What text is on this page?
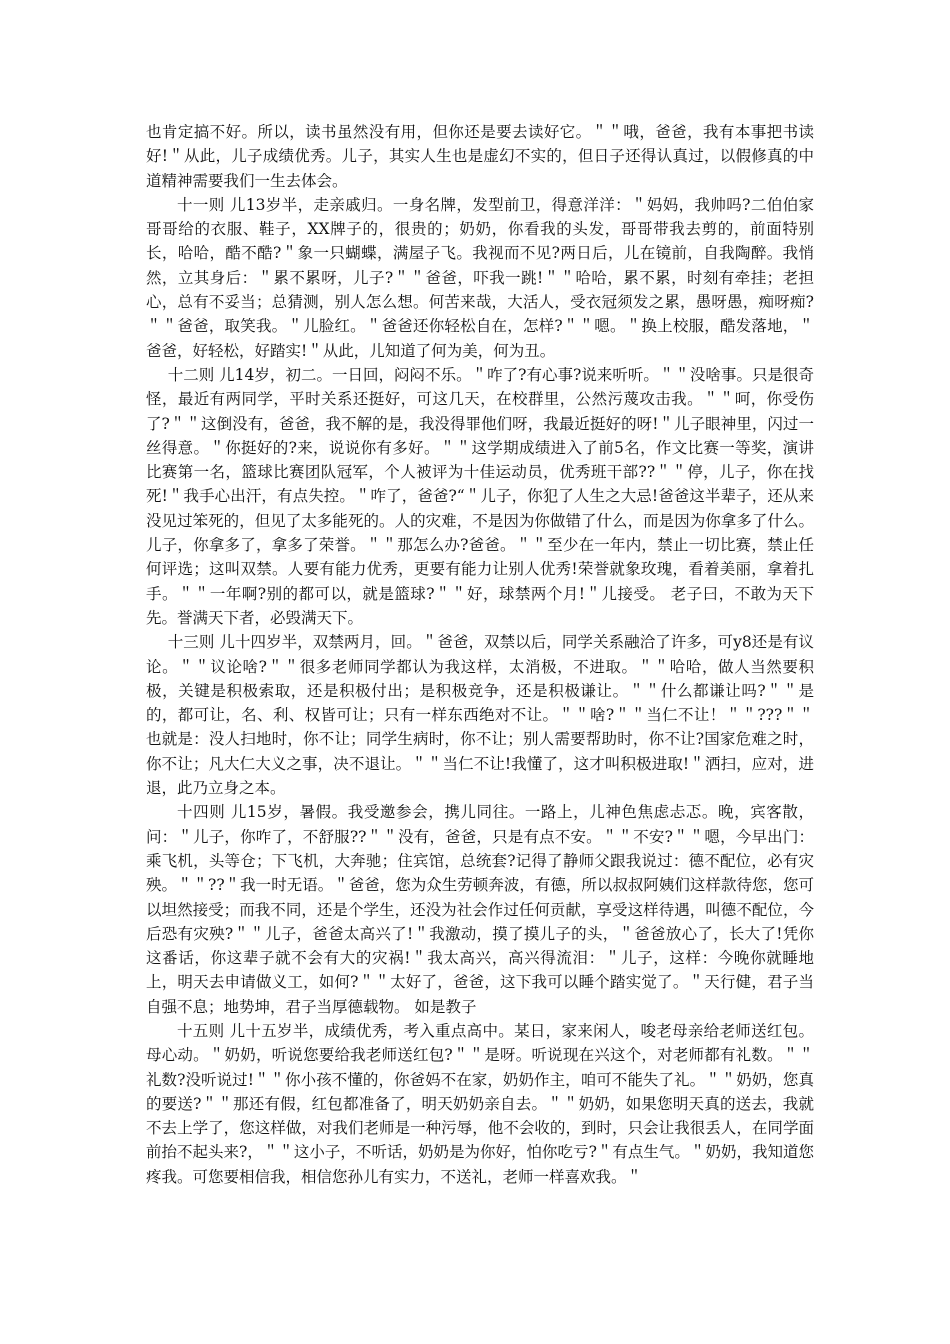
也肯定搞不好。所以，读书虽然没有用，但你还是要去读好它。＂＂哦，爸爸，我有本事把书读好!＂从此，儿子成绩优秀。儿子，其实人生也是虚幻不实的，但日子还得认真过，以假修真的中道精神需要我们一生去体会。

十一则 儿13岁半，走亲戚归。一身名牌，发型前卫，得意洋洋：＂妈妈，我帅吗?二伯伯家哥哥给的衣服、鞋子，XX牌子的，很贵的；奶奶，你看我的头发，哥哥带我去剪的，前面特别长，哈哈，酷不酷?＂象一只蝴蝶，满屋子飞。我视而不见?两日后，儿在镜前，自我陶醉。我悄然，立其身后：＂累不累呀，儿子?＂＂爸爸，吓我一跳!＂＂哈哈，累不累，时刻有牵挂；老担心，总有不妥当；总猜测，别人怎么想。何苦来哉，大活人，受衣冠须发之累，愚呀愚，痴呀痴?＂＂爸爸，取笑我。＂儿脸红。＂爸爸还你轻松自在，怎样?＂＂嗯。＂换上校服，酷发落地，＂爸爸，好轻松，好踏实!＂从此，儿知道了何为美，何为丑。

十二则 儿14岁，初二。一日回，闷闷不乐。＂咋了?有心事?说来听听。＂＂没啥事。只是很奇怪，最近有两同学，平时关系还挺好，可这几天，在校群里，公然污蔑攻击我。＂＂呵，你受伤了?＂＂这倒没有，爸爸，我不解的是，我没得罪他们呀，我最近挺好的呀!＂儿子眼神里，闪过一丝得意。＂你挺好的?来，说说你有多好。＂＂这学期成绩进入了前5名，作文比赛一等奖，演讲比赛第一名，篮球比赛团队冠军，个人被评为十佳运动员，优秀班干部??＂＂停，儿子，你在找死!＂我手心出汗，有点失控。＂咋了，爸爸?“＂儿子，你犯了人生之大忌!爸爸这半辈子，还从来没见过笨死的，但见了太多能死的。人的灾难，不是因为你做错了什么，而是因为你拿多了什么。儿子，你拿多了，拿多了荣誉。＂＂那怎么办?爸爸。＂＂至少在一年内，禁止一切比赛，禁止任何评选；这叫双禁。人要有能力优秀，更要有能力让别人优秀!荣誉就象玫瑰，看着美丽，拿着扎手。＂＂一年啊?别的都可以，就是篮球?＂＂好，球禁两个月!＂儿接受。 老子曰，不敢为天下先。誉满天下者，必毁满天下。

十三则 儿十四岁半，双禁两月，回。＂爸爸，双禁以后，同学关系融洽了许多，可y8还是有议论。＂＂议论啥?＂＂很多老师同学都认为我这样，太消极，不进取。＂＂哈哈，做人当然要积极，关键是积极索取，还是积极付出；是积极竞争，还是积极谦让。＂＂什么都谦让吗?＂＂是的，都可让，名、利、权皆可让；只有一样东西绝对不让。＂＂啥?＂＂当仁不让！＂＂???＂＂也就是：没人扫地时，你不让；同学生病时，你不让；别人需要帮助时，你不让?国家危难之时，你不让；凡大仁大义之事，决不退让。＂＂当仁不让!我懂了，这才叫积极进取!＂洒扫，应对，进退，此乃立身之本。

十四则 儿15岁，暑假。我受邀参会，携儿同往。一路上，儿神色焦虑忐忑。晚，宾客散，问：＂儿子，你咋了，不舒服??＂＂没有，爸爸，只是有点不安。＂＂不安?＂＂嗯，今早出门：乘飞机，头等仓；下飞机，大奔驰；住宾馆，总统套?记得了静师父跟我说过：德不配位，必有灾殃。＂＂??＂我一时无语。＂爸爸，您为众生劳顿奔波，有德，所以叔叔阿姨们这样款待您，您可以坦然接受；而我不同，还是个学生，还没为社会作过任何贡献，享受这样待遇，叫德不配位，今后恐有灾殃?＂＂儿子，爸爸太高兴了!＂我激动，摸了摸儿子的头，＂爸爸放心了，长大了!凭你这番话，你这辈子就不会有大的灾祸!＂我太高兴，高兴得流泪：＂儿子，这样：今晚你就睡地上，明天去申请做义工，如何?＂＂太好了，爸爸，这下我可以睡个踏实觉了。＂天行健，君子当自强不息；地势坤，君子当厚德载物。 如是教子

十五则 儿十五岁半，成绩优秀，考入重点高中。某日，家来闲人，唆老母亲给老师送红包。母心动。＂奶奶，听说您要给我老师送红包?＂＂是呀。听说现在兴这个，对老师都有礼数。＂＂礼数?没听说过!＂＂你小孩不懂的，你爸妈不在家，奶奶作主，咱可不能失了礼。＂＂奶奶，您真的要送?＂＂那还有假，红包都准备了，明天奶奶亲自去。＂＂奶奶，如果您明天真的送去，我就不去上学了，您这样做，对我们老师是一种污辱，他不会收的，到时，只会让我很丢人，在同学面前抬不起头来?，＂＂这小子，不听话，奶奶是为你好，怕你吃亏?＂有点生气。＂奶奶，我知道您疼我。可您要相信我，相信您孙儿有实力，不送礼，老师一样喜欢我。＂
